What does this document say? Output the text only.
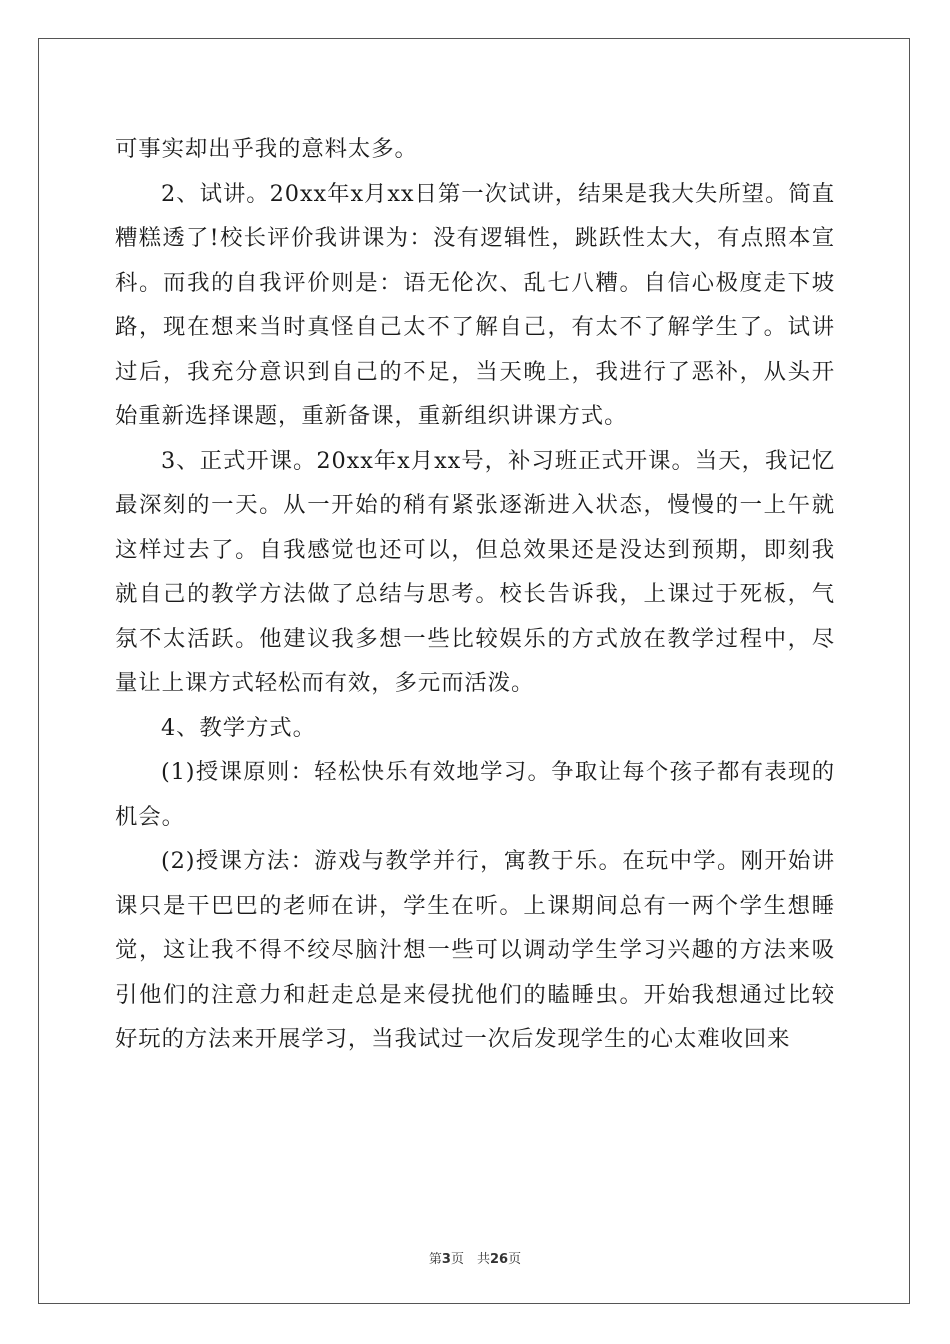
可事实却出乎我的意料太多。

2、试讲。20xx年x月xx日第一次试讲，结果是我大失所望。简直糟糕透了!校长评价我讲课为：没有逻辑性，跳跃性太大，有点照本宣科。而我的自我评价则是：语无伦次、乱七八糟。自信心极度走下坡路，现在想来当时真怪自己太不了解自己，有太不了解学生了。试讲过后，我充分意识到自己的不足，当天晚上，我进行了恶补，从头开始重新选择课题，重新备课，重新组织讲课方式。

3、正式开课。20xx年x月xx号，补习班正式开课。当天，我记忆最深刻的一天。从一开始的稍有紧张逐渐进入状态，慢慢的一上午就这样过去了。自我感觉也还可以，但总效果还是没达到预期，即刻我就自己的教学方法做了总结与思考。校长告诉我，上课过于死板，气氛不太活跃。他建议我多想一些比较娱乐的方式放在教学过程中，尽量让上课方式轻松而有效，多元而活泼。

4、教学方式。

(1)授课原则：轻松快乐有效地学习。争取让每个孩子都有表现的机会。

(2)授课方法：游戏与教学并行，寓教于乐。在玩中学。刚开始讲课只是干巴巴的老师在讲，学生在听。上课期间总有一两个学生想睡觉，这让我不得不绞尽脑汁想一些可以调动学生学习兴趣的方法来吸引他们的注意力和赶走总是来侵扰他们的瞌睡虫。开始我想通过比较好玩的方法来开展学习，当我试过一次后发现学生的心太难收回来

第3页　共26页
